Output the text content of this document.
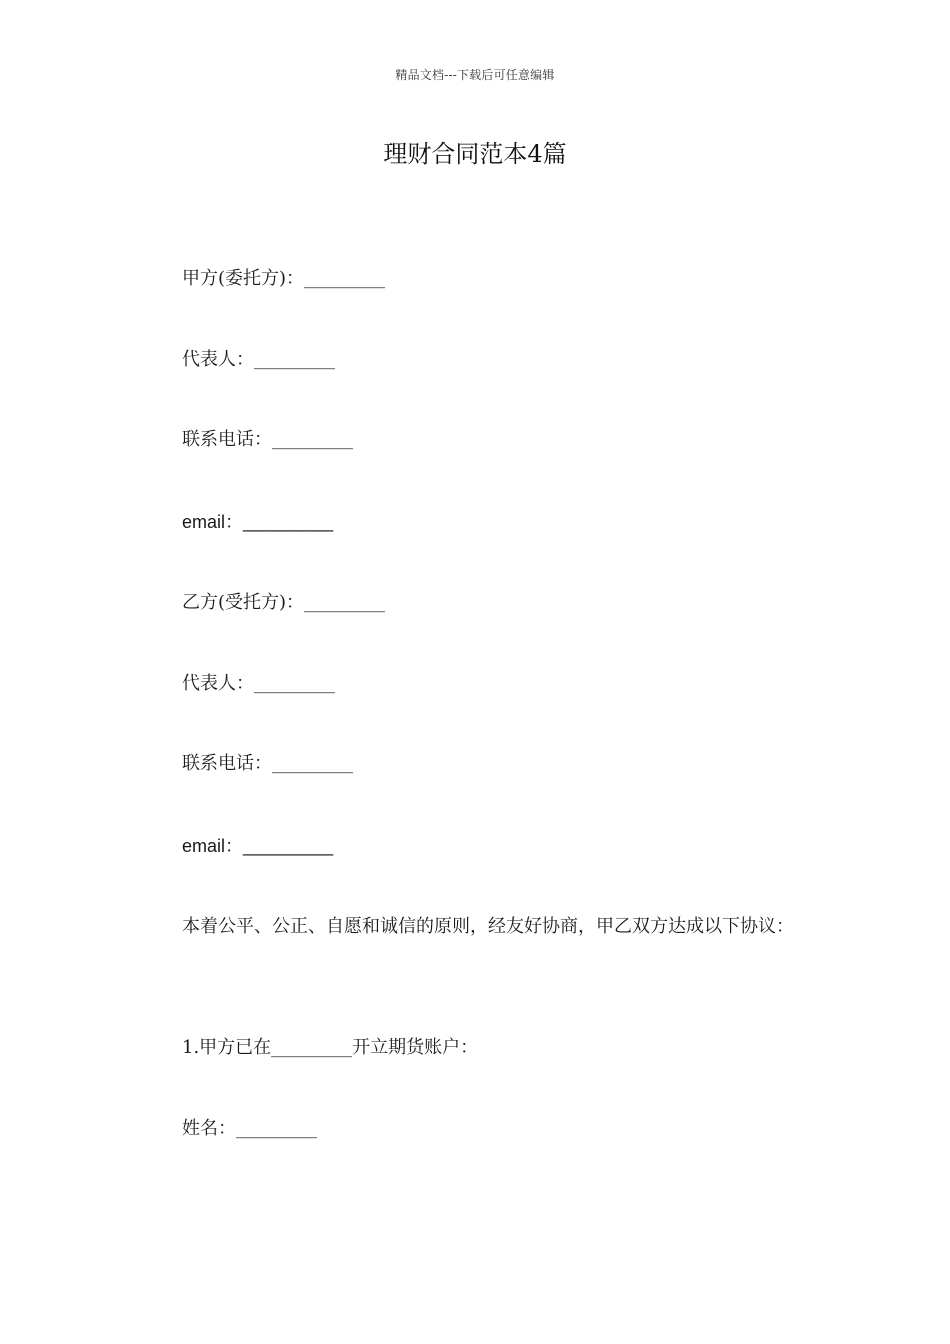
精品文档---下载后可任意编辑
理财合同范本4篇
甲方(委托方)：_________
代表人：_________
联系电话：_________
email：_________
乙方(受托方)：_________
代表人：_________
联系电话：_________
email：_________
本着公平、公正、自愿和诚信的原则，经友好协商，甲乙双方达成以下协议：
1.甲方已在_________开立期货账户：
姓名：_________
